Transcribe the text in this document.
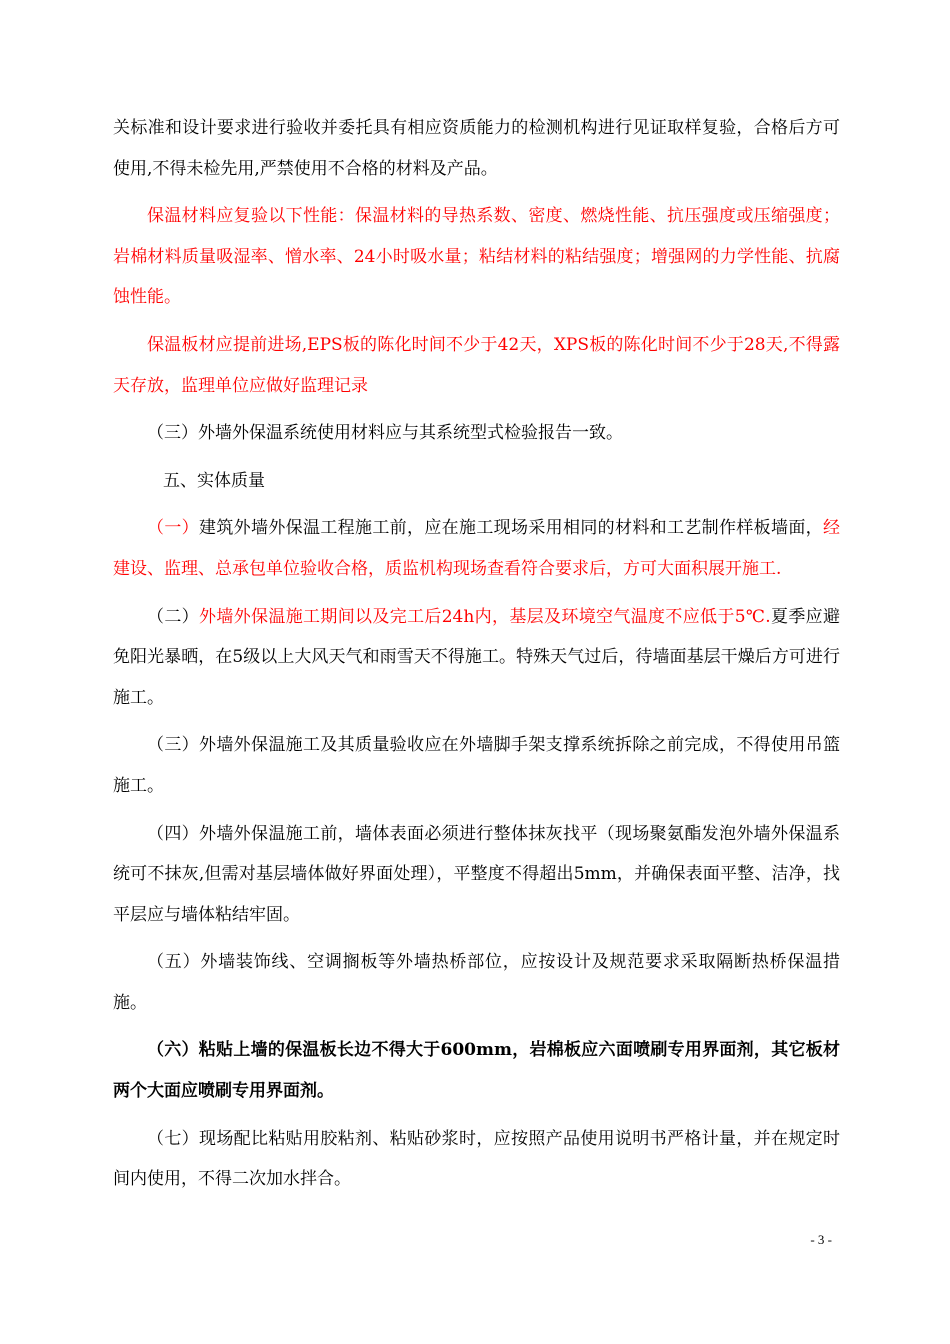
关标准和设计要求进行验收并委托具有相应资质能力的检测机构进行见证取样复验，合格后方可使用,不得未检先用,严禁使用不合格的材料及产品。

保温材料应复验以下性能：保温材料的导热系数、密度、燃烧性能、抗压强度或压缩强度；岩棉材料质量吸湿率、憎水率、24小时吸水量；粘结材料的粘结强度；增强网的力学性能、抗腐蚀性能。

保温板材应提前进场,EPS板的陈化时间不少于42天，XPS板的陈化时间不少于28天,不得露天存放，监理单位应做好监理记录

（三）外墙外保温系统使用材料应与其系统型式检验报告一致。

五、实体质量

（一）建筑外墙外保温工程施工前，应在施工现场采用相同的材料和工艺制作样板墙面，经建设、监理、总承包单位验收合格，质监机构现场查看符合要求后，方可大面积展开施工.

（二）外墙外保温施工期间以及完工后24h内，基层及环境空气温度不应低于5℃.夏季应避免阳光暴晒，在5级以上大风天气和雨雪天不得施工。特殊天气过后，待墙面基层干燥后方可进行施工。

（三）外墙外保温施工及其质量验收应在外墙脚手架支撑系统拆除之前完成，不得使用吊篮施工。

（四）外墙外保温施工前，墙体表面必须进行整体抹灰找平（现场聚氨酯发泡外墙外保温系统可不抹灰,但需对基层墙体做好界面处理），平整度不得超出5mm，并确保表面平整、洁净，找平层应与墙体粘结牢固。

（五）外墙装饰线、空调搁板等外墙热桥部位，应按设计及规范要求采取隔断热桥保温措施。

（六）粘贴上墙的保温板长边不得大于600mm，岩棉板应六面喷刷专用界面剂，其它板材两个大面应喷刷专用界面剂。

（七）现场配比粘贴用胶粘剂、粘贴砂浆时，应按照产品使用说明书严格计量，并在规定时间内使用，不得二次加水拌合。

- 3 -
